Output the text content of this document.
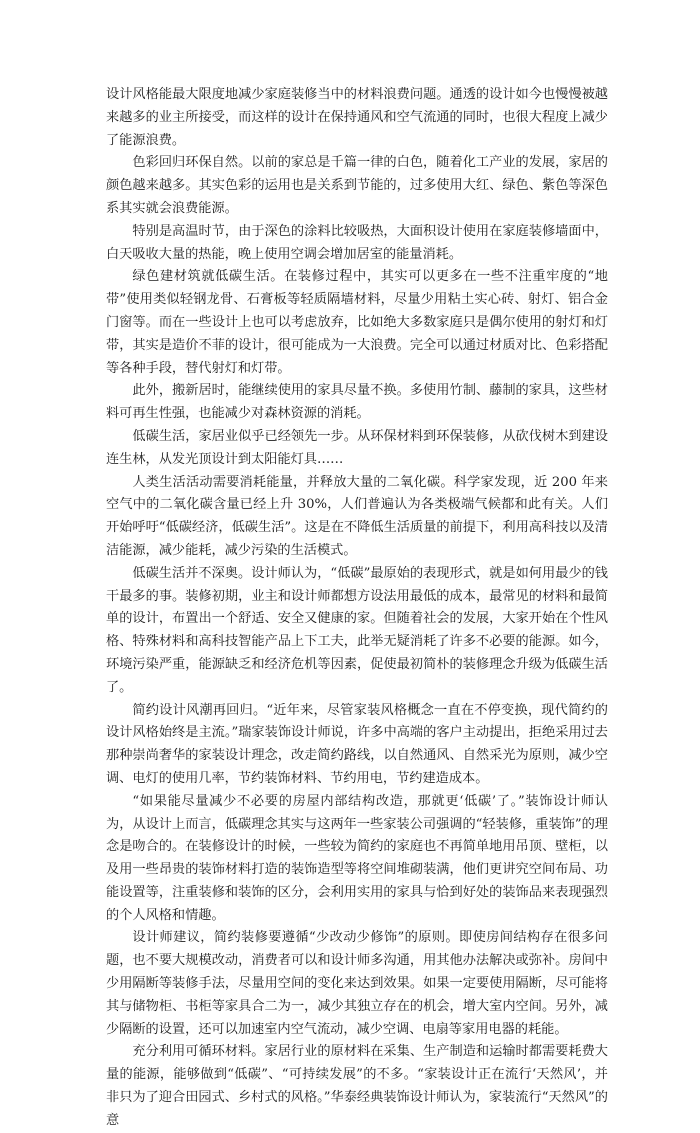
设计风格能最大限度地减少家庭装修当中的材料浪费问题。通透的设计如今也慢慢被越来越多的业主所接受，而这样的设计在保持通风和空气流通的同时，也很大程度上减少了能源浪费。

色彩回归环保自然。以前的家总是千篇一律的白色，随着化工产业的发展，家居的颜色越来越多。其实色彩的运用也是关系到节能的，过多使用大红、绿色、紫色等深色系其实就会浪费能源。

特别是高温时节，由于深色的涂料比较吸热，大面积设计使用在家庭装修墙面中，白天吸收大量的热能，晚上使用空调会增加居室的能量消耗。

绿色建材筑就低碳生活。在装修过程中，其实可以更多在一些不注重牢度的“地带”使用类似轻钢龙骨、石膏板等轻质隔墙材料，尽量少用粘土实心砖、射灯、铝合金门窗等。而在一些设计上也可以考虑放弃，比如绝大多数家庭只是偶尔使用的射灯和灯带，其实是造价不菲的设计，很可能成为一大浪费。完全可以通过材质对比、色彩搭配等各种手段，替代射灯和灯带。

此外，搬新居时，能继续使用的家具尽量不换。多使用竹制、藤制的家具，这些材料可再生性强，也能减少对森林资源的消耗。

低碳生活，家居业似乎已经领先一步。从环保材料到环保装修，从砍伐树木到建设连生林，从发光顶设计到太阳能灯具……

人类生活活动需要消耗能量，并释放大量的二氧化碳。科学家发现，近 200 年来空气中的二氧化碳含量已经上升 30%，人们普遍认为各类极端气候都和此有关。人们开始呼吁“低碳经济，低碳生活”。这是在不降低生活质量的前提下，利用高科技以及清洁能源，减少能耗，减少污染的生活模式。

低碳生活并不深奥。设计师认为，“低碳”最原始的表现形式，就是如何用最少的钱干最多的事。装修初期，业主和设计师都想方设法用最低的成本，最常见的材料和最简单的设计，布置出一个舒适、安全又健康的家。但随着社会的发展，大家开始在个性风格、特殊材料和高科技智能产品上下工夫，此举无疑消耗了许多不必要的能源。如今，环境污染严重，能源缺乏和经济危机等因素，促使最初简朴的装修理念升级为低碳生活了。

简约设计风潮再回归。“近年来，尽管家装风格概念一直在不停变换，现代简约的设计风格始终是主流。”瑞家装饰设计师说，许多中高端的客户主动提出，拒绝采用过去那种崇尚奢华的家装设计理念，改走简约路线，以自然通风、自然采光为原则，减少空调、电灯的使用几率，节约装饰材料、节约用电，节约建造成本。

“如果能尽量减少不必要的房屋内部结构改造，那就更‘低碳’了。”装饰设计师认为，从设计上而言，低碳理念其实与这两年一些家装公司强调的“轻装修，重装饰”的理念是吻合的。在装修设计的时候，一些较为简约的家庭也不再简单地用吊顶、壁柜，以及用一些昂贵的装饰材料打造的装饰造型等将空间堆砌装满，他们更讲究空间布局、功能设置等，注重装修和装饰的区分，会利用实用的家具与恰到好处的装饰品来表现强烈的个人风格和情趣。

设计师建议，简约装修要遵循“少改动少修饰”的原则。即使房间结构存在很多问题，也不要大规模改动，消费者可以和设计师多沟通，用其他办法解决或弥补。房间中少用隔断等装修手法，尽量用空间的变化来达到效果。如果一定要使用隔断，尽可能将其与储物柜、书柜等家具合二为一，减少其独立存在的机会，增大室内空间。另外，减少隔断的设置，还可以加速室内空气流动，减少空调、电扇等家用电器的耗能。

充分利用可循环材料。家居行业的原材料在采集、生产制造和运输时都需要耗费大量的能源，能够做到“低碳”、“可持续发展”的不多。“家装设计正在流行‘天然风’，并非只为了迎合田园式、乡村式的风格。”华泰经典装饰设计师认为，家装流行“天然风”的意
